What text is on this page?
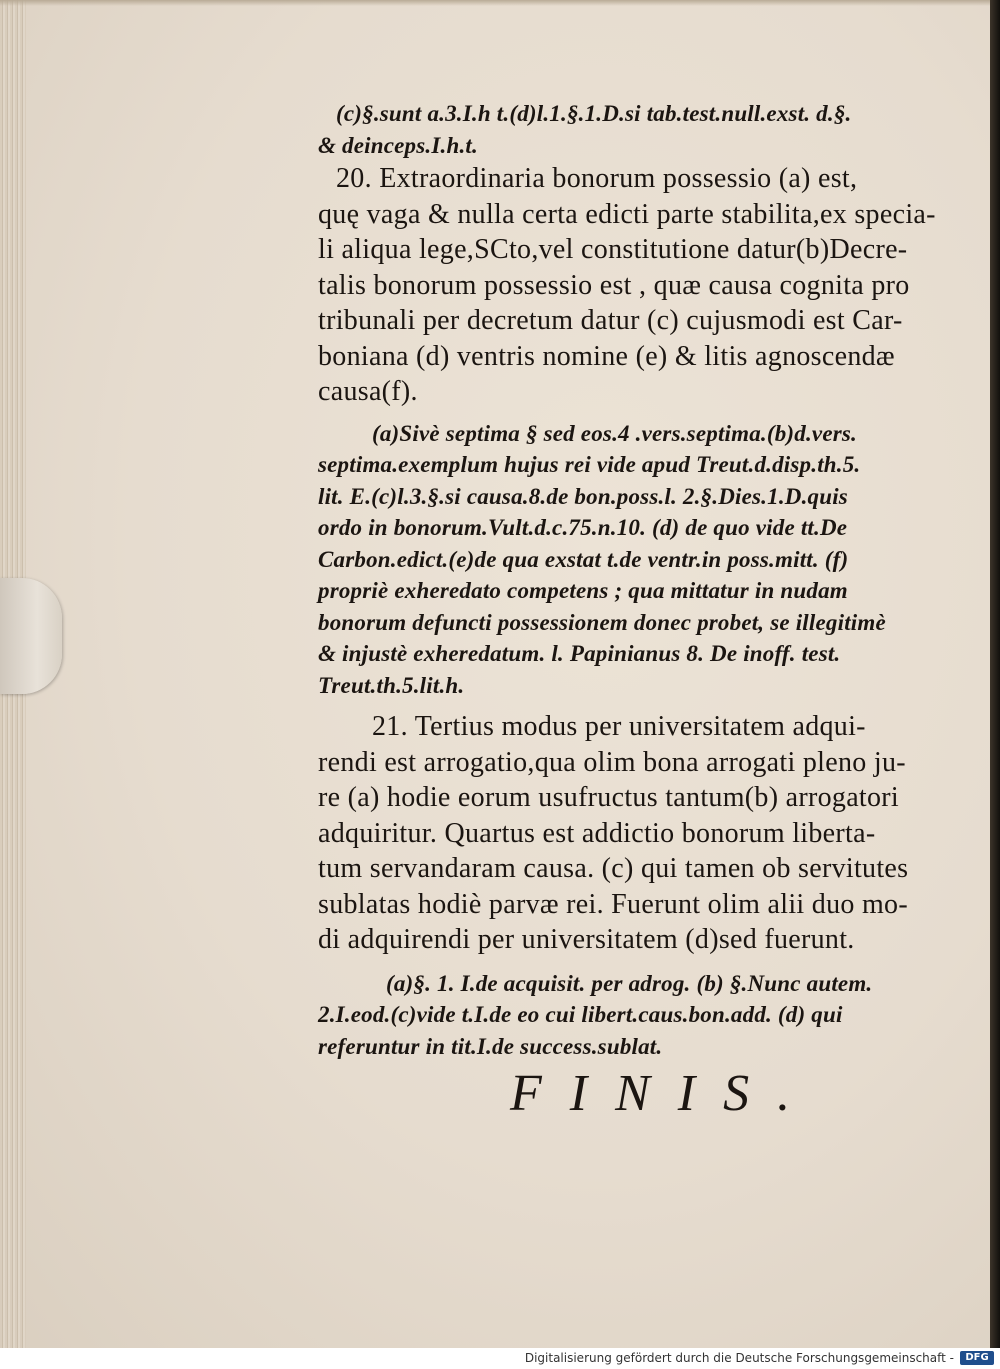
(c)§.sunt a.3.I.h t.(d)l.1.§.1.D.si tab.test.null.exst. d.§.
& deinceps.I.h.t.
20. Extraordinaria bonorum possessio (a) est,
quę vaga & nulla certa edicti parte stabilita,ex specia-
li aliqua lege,SCto,vel constitutione datur(b)Decre-
talis bonorum possessio est , quæ causa cognita pro
tribunali per decretum datur (c) cujusmodi est Car-
boniana (d) ventris nomine (e) & litis agnoscendæ
causa(f).
(a)Sivè septima § sed eos.4 .vers.septima.(b)d.vers.
septima.exemplum hujus rei vide apud Treut.d.disp.th.5.
lit. E.(c)l.3.§.si causa.8.de bon.poss.l. 2.§.Dies.1.D.quis
ordo in bonorum.Vult.d.c.75.n.10. (d) de quo vide tt.De
Carbon.edict.(e)de qua exstat t.de ventr.in poss.mitt. (f)
propriè exheredato competens ; qua mittatur in nudam
bonorum defuncti possessionem donec probet, se illegitimè
& injustè exheredatum. l. Papinianus 8. De inoff. test.
Treut.th.5.lit.h.
21. Tertius modus per universitatem adqui-
rendi est arrogatio,qua olim bona arrogati pleno ju-
re (a) hodie eorum usufructus tantum(b) arrogatori
adquiritur. Quartus est addictio bonorum liberta-
tum servandaram causa. (c) qui tamen ob servitutes
sublatas hodiè parvæ rei. Fuerunt olim alii duo mo-
di adquirendi per universitatem (d)sed fuerunt.
(a)§. 1. I.de acquisit. per adrog. (b) §.Nunc autem.
2.I.eod.(c)vide t.I.de eo cui libert.caus.bon.add. (d) qui
referuntur in tit.I.de success.sublat.
FINIS.
Digitalisierung gefördert durch die Deutsche Forschungsgemeinschaft -	DFG
